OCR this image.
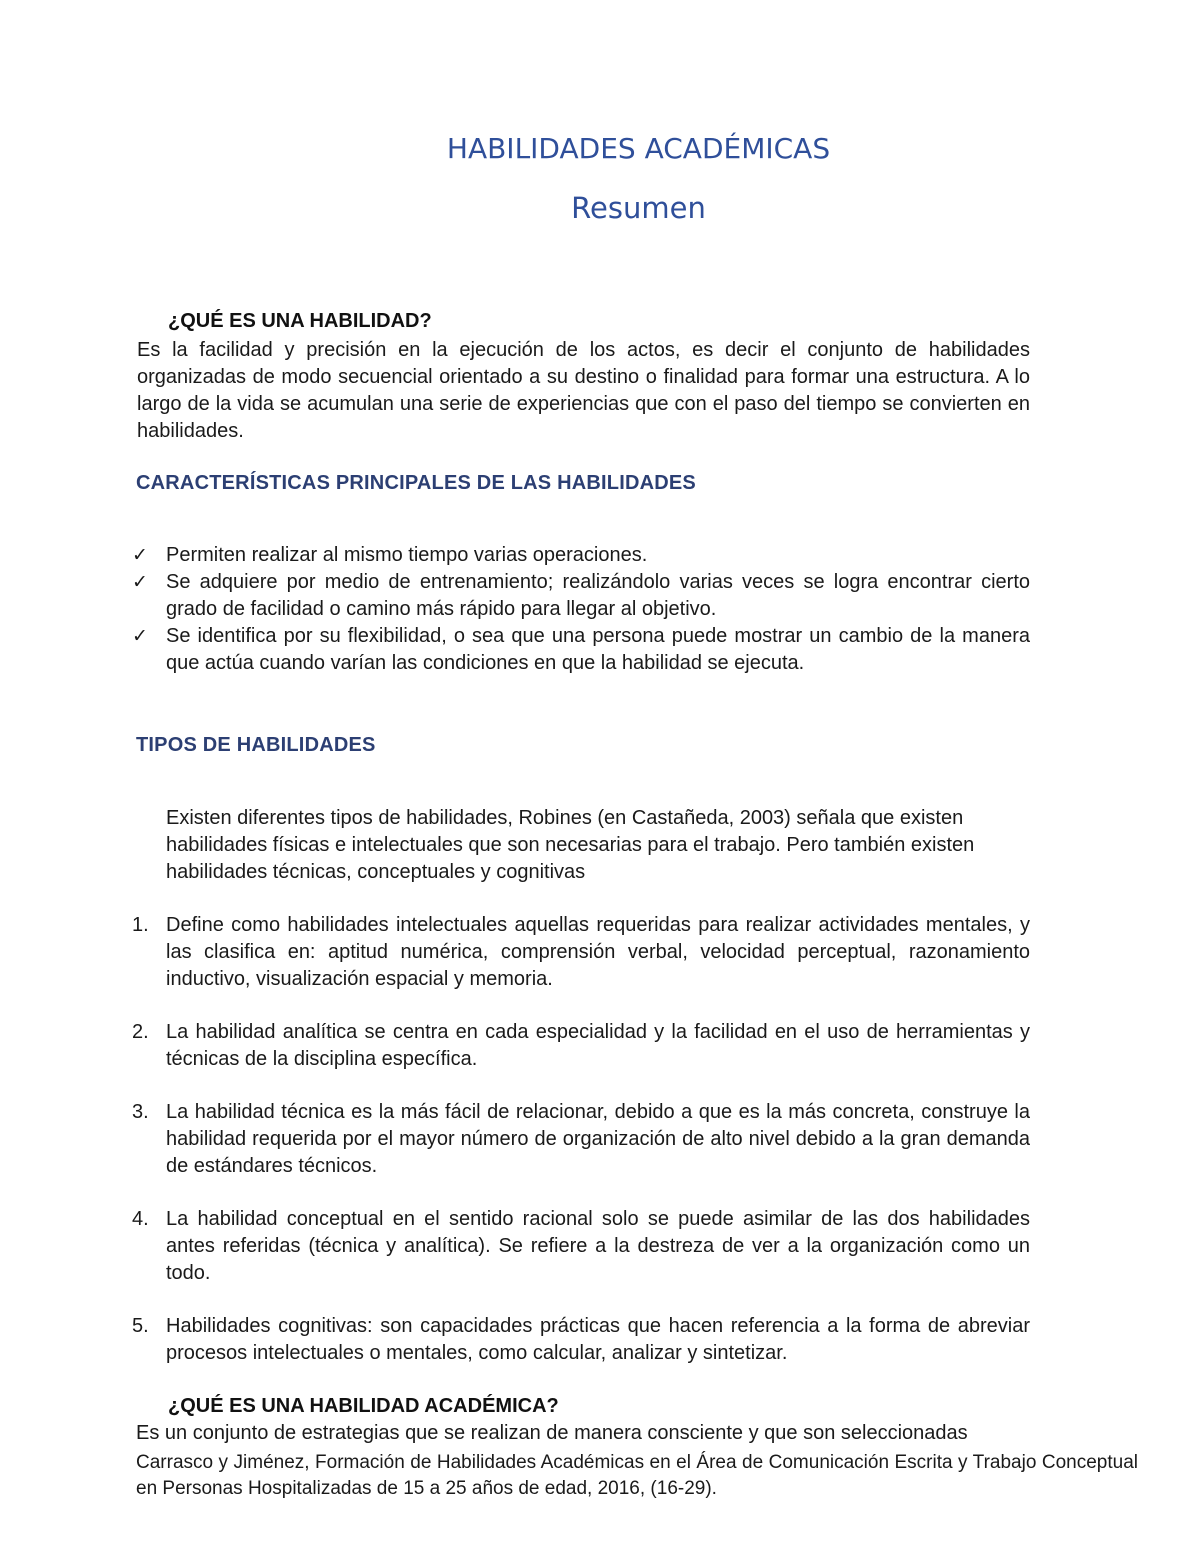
HABILIDADES ACADÉMICAS
Resumen
¿QUÉ ES UNA HABILIDAD?
Es la facilidad y precisión en la ejecución de los actos, es decir el conjunto de habilidades organizadas de modo secuencial orientado a su destino o finalidad para formar una estructura. A lo largo de la vida se acumulan una serie de experiencias que con el paso del tiempo se convierten en habilidades.
CARACTERÍSTICAS PRINCIPALES DE LAS HABILIDADES
✓ Permiten realizar al mismo tiempo varias operaciones.
✓ Se adquiere por medio de entrenamiento; realizándolo varias veces se logra encontrar cierto grado de facilidad o camino más rápido para llegar al objetivo.
✓ Se identifica por su flexibilidad, o sea que una persona puede mostrar un cambio de la manera que actúa cuando varían las condiciones en que la habilidad se ejecuta.
TIPOS DE HABILIDADES
Existen diferentes tipos de habilidades, Robines (en Castañeda, 2003) señala que existen habilidades físicas e intelectuales que son necesarias para el trabajo. Pero también existen habilidades técnicas, conceptuales y cognitivas
1. Define como habilidades intelectuales aquellas requeridas para realizar actividades mentales, y las clasifica en: aptitud numérica, comprensión verbal, velocidad perceptual, razonamiento inductivo, visualización espacial y memoria.
2. La habilidad analítica se centra en cada especialidad y la facilidad en el uso de herramientas y técnicas de la disciplina específica.
3. La habilidad técnica es la más fácil de relacionar, debido a que es la más concreta, construye la habilidad requerida por el mayor número de organización de alto nivel debido a la gran demanda de estándares técnicos.
4. La habilidad conceptual en el sentido racional solo se puede asimilar de las dos habilidades antes referidas (técnica y analítica). Se refiere a la destreza de ver a la organización como un todo.
5. Habilidades cognitivas: son capacidades prácticas que hacen referencia a la forma de abreviar procesos intelectuales o mentales, como calcular, analizar y sintetizar.
¿QUÉ ES UNA HABILIDAD ACADÉMICA?
Es un conjunto de estrategias que se realizan de manera consciente y que son seleccionadas
Carrasco y Jiménez, Formación de Habilidades Académicas en el Área de Comunicación Escrita y Trabajo Conceptual en Personas Hospitalizadas de 15 a 25 años de edad, 2016, (16-29).
